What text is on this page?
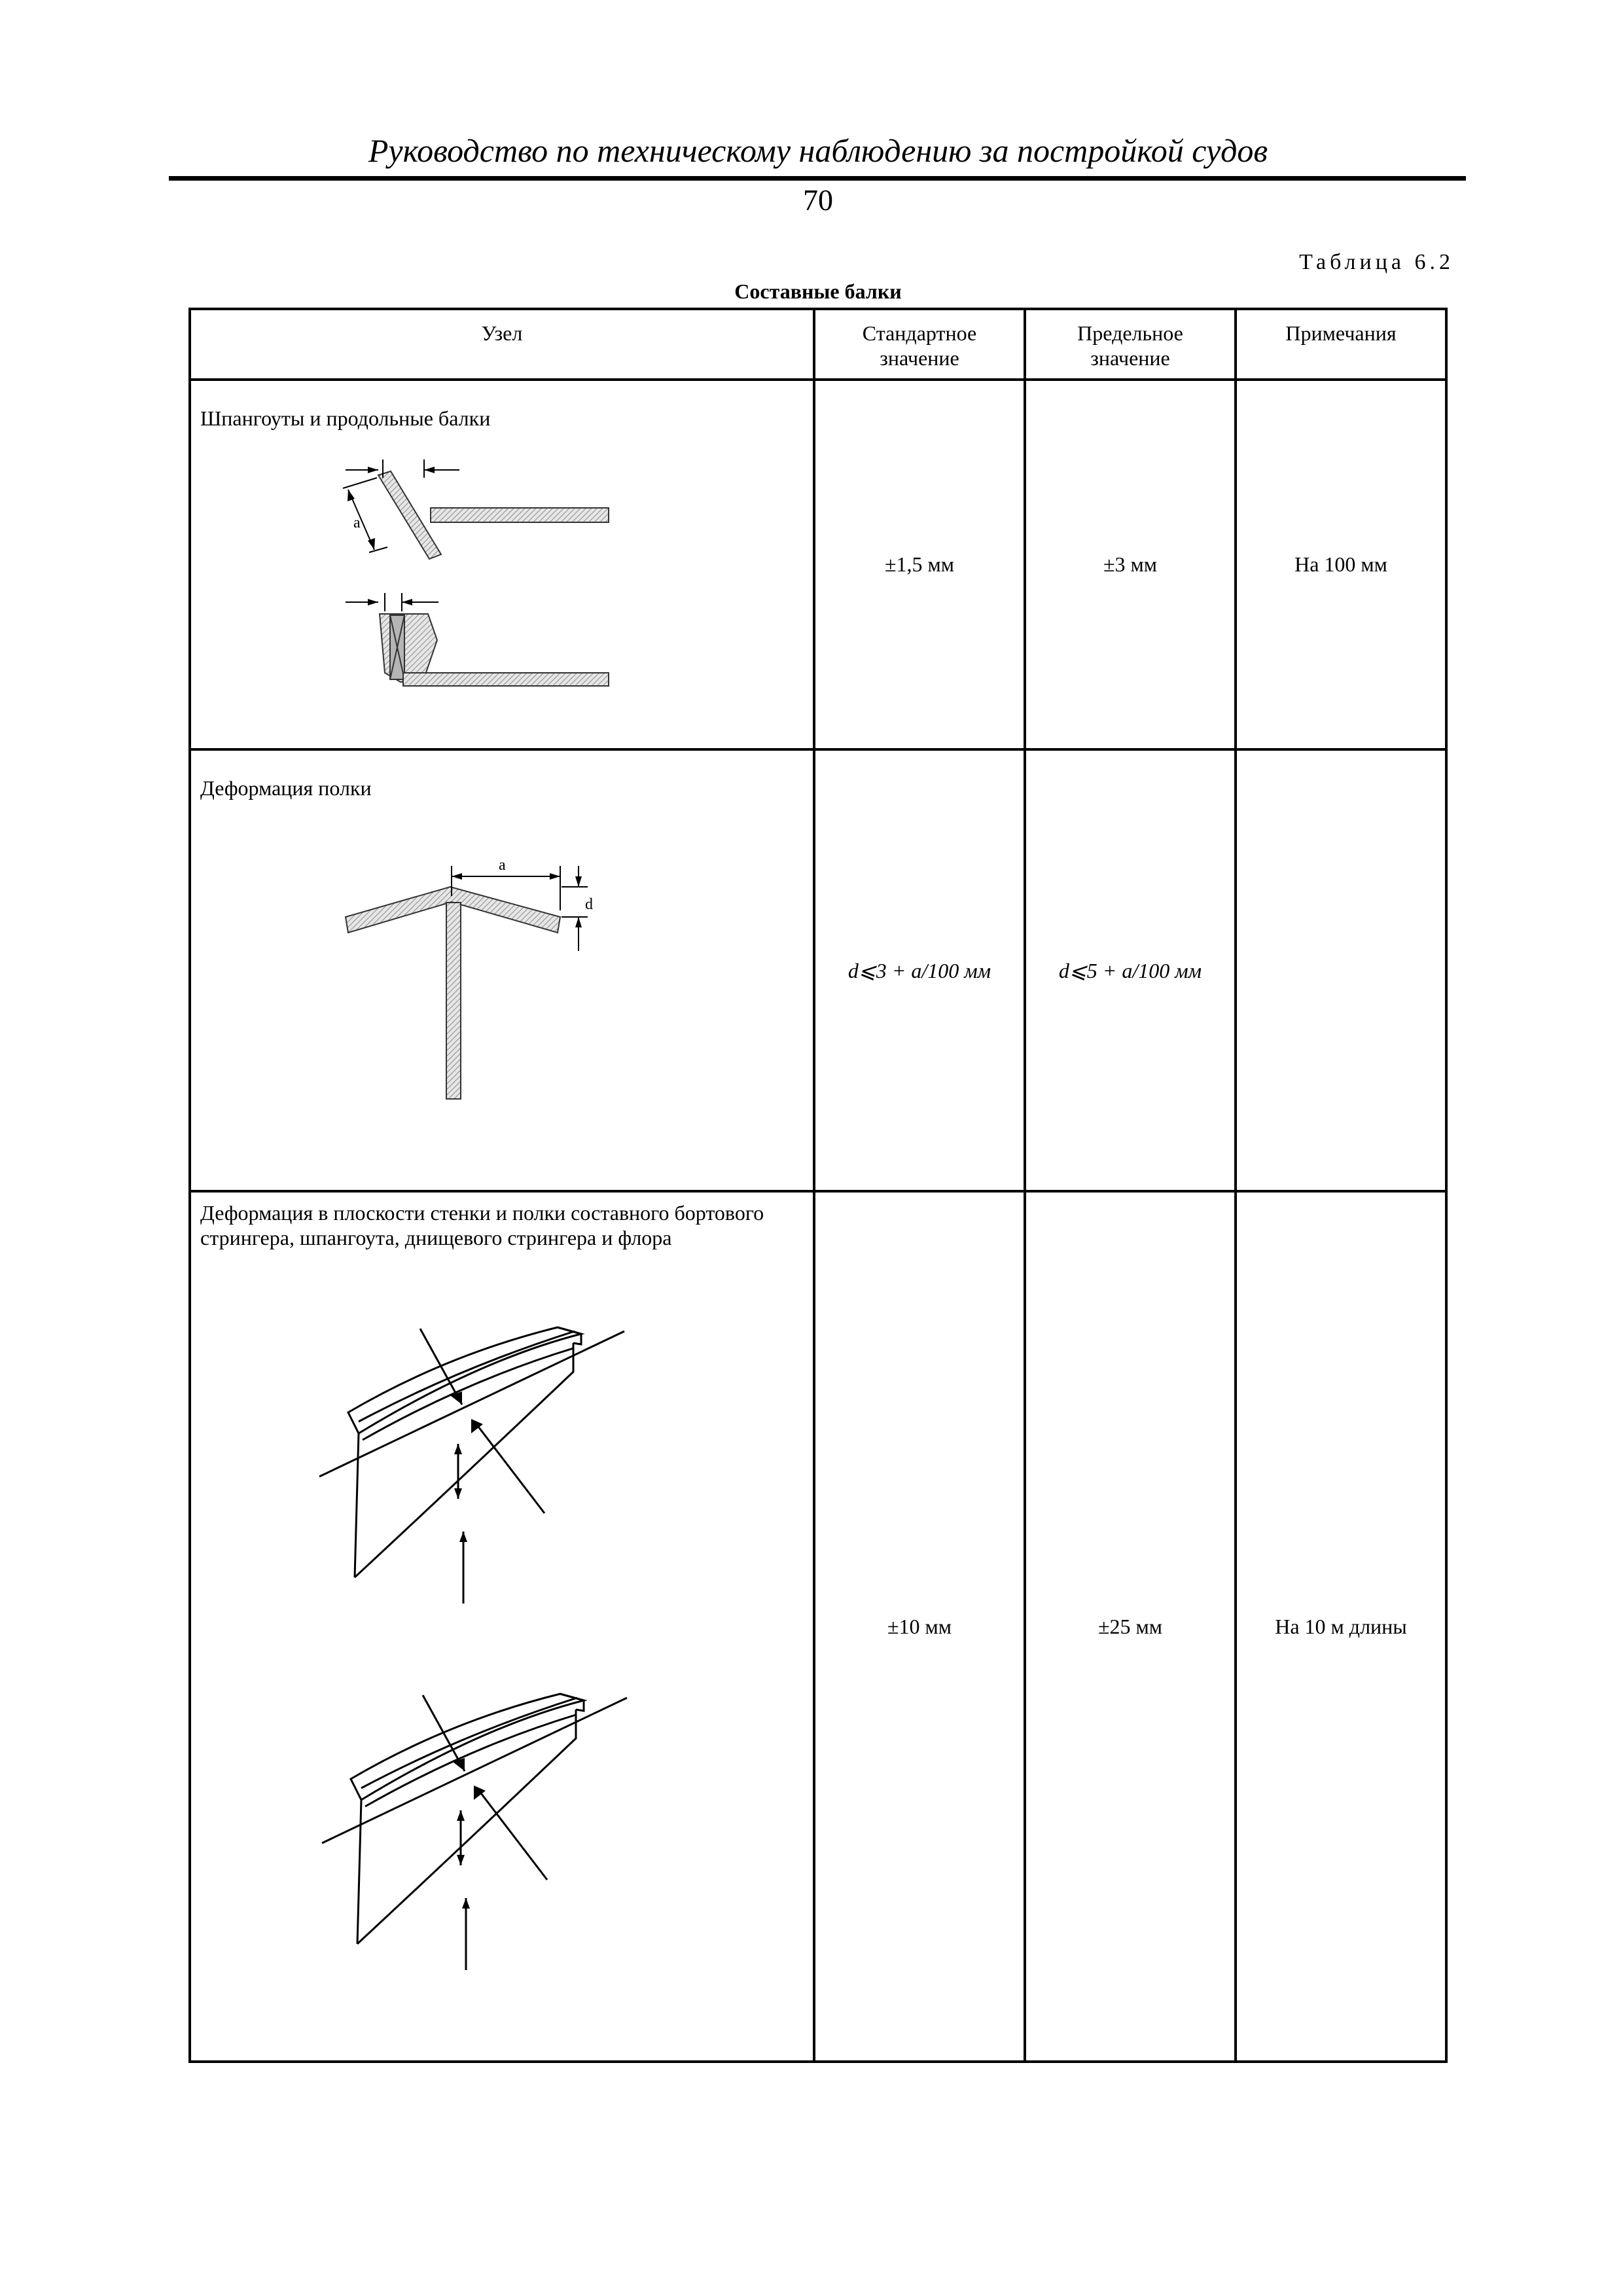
Руководство по техническому наблюдению за постройкой судов
70
Таблица 6.2
Составные балки
Узел	Стандартное значение	Предельное значение	Примечания

Шпангоуты и продольные балки
a	±1,5 мм	±3 мм	На 100 мм

Деформация полки
a
d	d⩽3 + a/100 мм	d⩽5 + a/100 мм	

Деформация в плоскости стенки и полки составного бортового стрингера, шпангоута, днищевого стрингера и флора	±10 мм	±25 мм	На 10 м длины
